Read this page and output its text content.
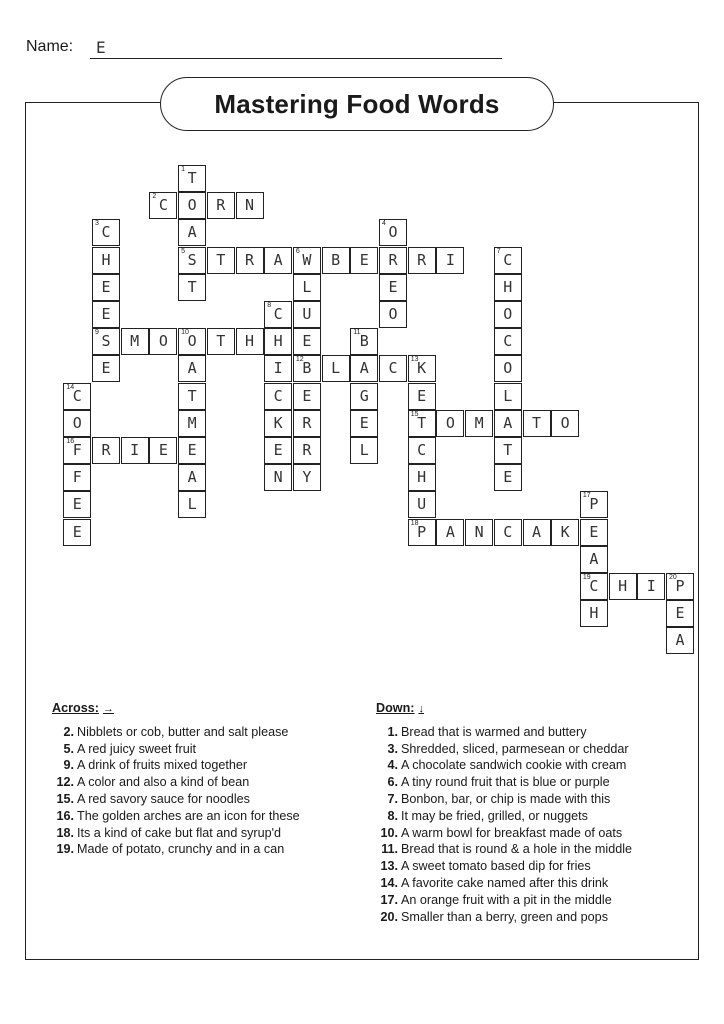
Name: E
Mastering Food Words
1 T
O
A
5 S
T
2 C	R	N
3 C
H
E
E
9 S
E
4 O
R
E
O
T	R	A	6 W	B	E	R	I
L
U
E
12
B
E
R
R
Y
7 C
H
O
C
O
L
A
T
E
8 C
H
I
C
K
E
N
M	O	10
O	T	H
A
T
M
E
A
L
11 B
A
G
E
L
L	C	13
K
E
15
T
C
H
U
18
P
14
C
O
16
F
F
E
E
O	M	T	O
R	I	E
17
P
E
A
19
C
H
A	N	C	A	K
H	I	20
P
E
A
Across: →
2. Nibblets or cob, butter and salt please
5. A red juicy sweet fruit
9. A drink of fruits mixed together
12. A color and also a kind of bean
15. A red savory sauce for noodles
16. The golden arches are an icon for these
18. Its a kind of cake but flat and syrup'd
19. Made of potato, crunchy and in a can
Down: ↓
1. Bread that is warmed and buttery
3. Shredded, sliced, parmesean or cheddar
4. A chocolate sandwich cookie with cream
6. A tiny round fruit that is blue or purple
7. Bonbon, bar, or chip is made with this
8. It may be fried, grilled, or nuggets
10. A warm bowl for breakfast made of oats
11. Bread that is round & a hole in the middle
13. A sweet tomato based dip for fries
14. A favorite cake named after this drink
17. An orange fruit with a pit in the middle
20. Smaller than a berry, green and pops
